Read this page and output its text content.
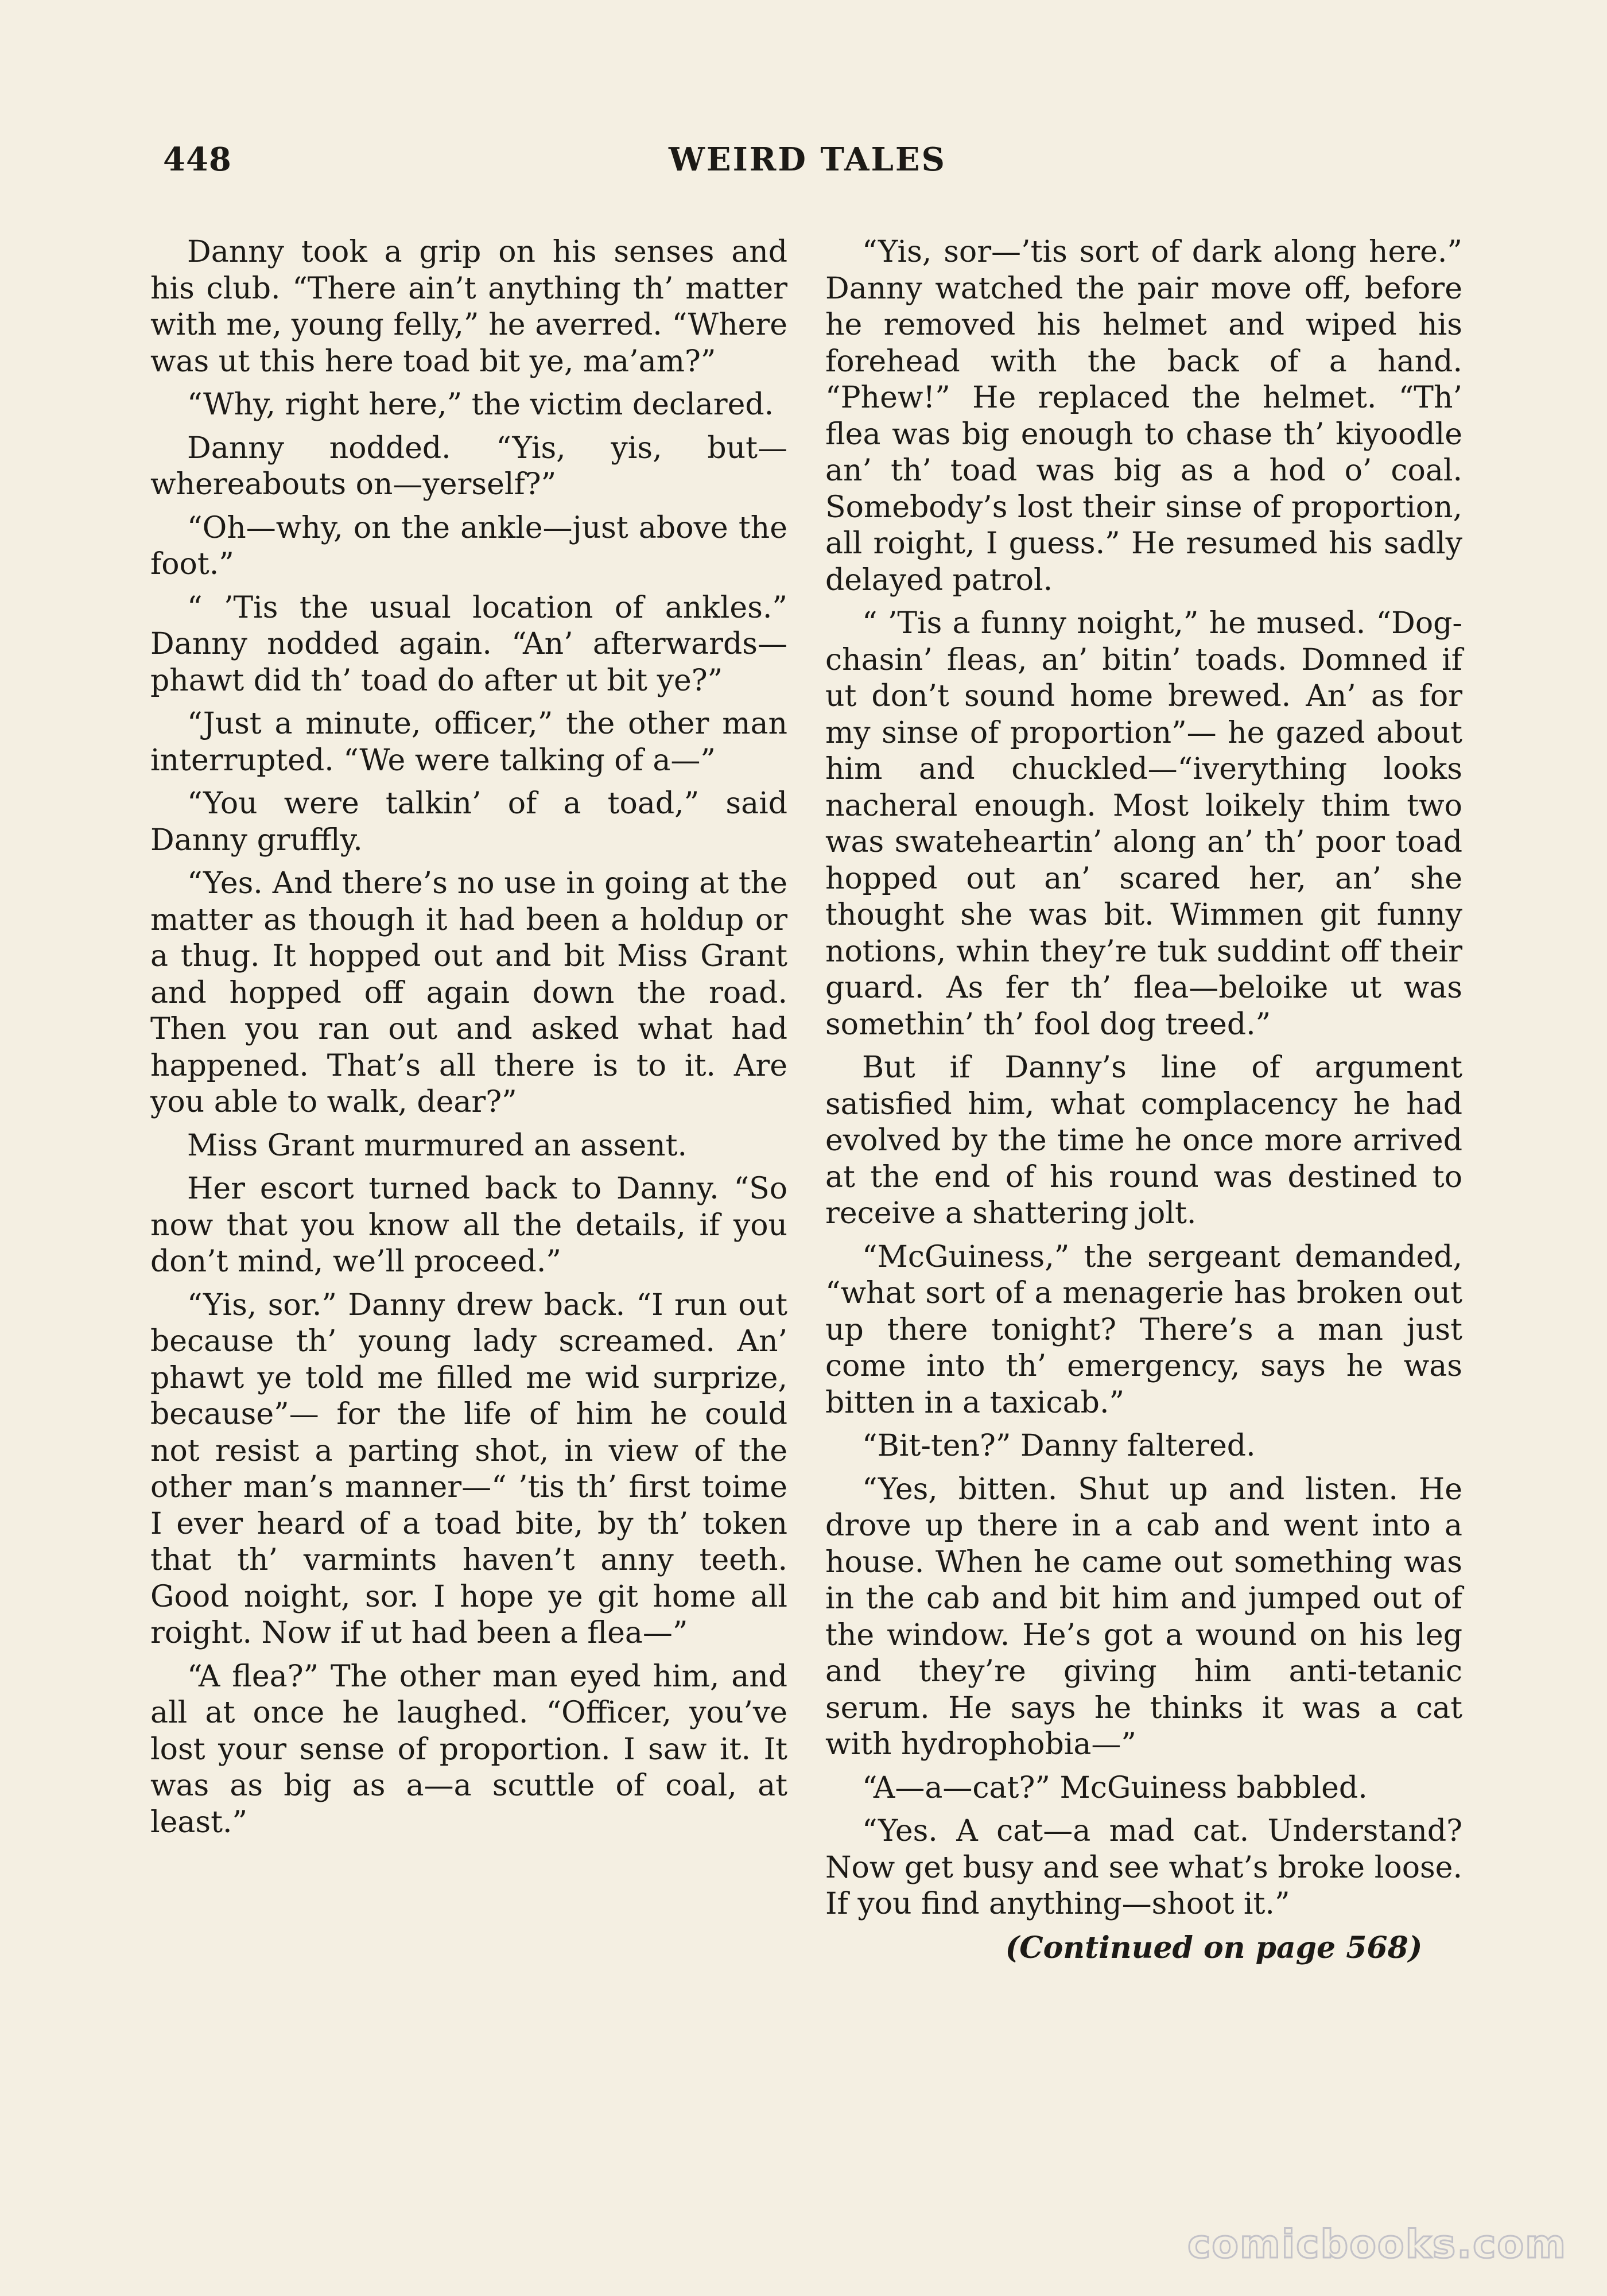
448	WEIRD TALES

Danny took a grip on his senses and his club. “There ain’t anything th’ matter with me, young felly,” he averred. “Where was ut this here toad bit ye, ma’am?”

“Why, right here,” the victim declared.

Danny nodded. “Yis, yis, but—whereabouts on—yerself?”

“Oh—why, on the ankle—just above the foot.”

“ ’Tis the usual location of ankles.” Danny nodded again. “An’ afterwards—phawt did th’ toad do after ut bit ye?”

“Just a minute, officer,” the other man interrupted. “We were talking of a—”

“You were talkin’ of a toad,” said Danny gruffly.

“Yes. And there’s no use in going at the matter as though it had been a holdup or a thug. It hopped out and bit Miss Grant and hopped off again down the road. Then you ran out and asked what had happened. That’s all there is to it. Are you able to walk, dear?”

Miss Grant murmured an assent.

Her escort turned back to Danny. “So now that you know all the details, if you don’t mind, we’ll proceed.”

“Yis, sor.” Danny drew back. “I run out because th’ young lady screamed. An’ phawt ye told me filled me wid surprize, because”— for the life of him he could not resist a parting shot, in view of the other man’s manner—“ ’tis th’ first toime I ever heard of a toad bite, by th’ token that th’ varmints haven’t anny teeth. Good noight, sor. I hope ye git home all roight. Now if ut had been a flea—”

“A flea?” The other man eyed him, and all at once he laughed. “Officer, you’ve lost your sense of proportion. I saw it. It was as big as a—a scuttle of coal, at least.”

“Yis, sor—’tis sort of dark along here.” Danny watched the pair move off, before he removed his helmet and wiped his forehead with the back of a hand. “Phew!” He replaced the helmet. “Th’ flea was big enough to chase th’ kiyoodle an’ th’ toad was big as a hod o’ coal. Somebody’s lost their sinse of proportion, all roight, I guess.” He resumed his sadly delayed patrol.

“ ’Tis a funny noight,” he mused. “Dog-chasin’ fleas, an’ bitin’ toads. Domned if ut don’t sound home brewed. An’ as for my sinse of proportion”— he gazed about him and chuckled—“iverything looks nacheral enough. Most loikely thim two was swateheartin’ along an’ th’ poor toad hopped out an’ scared her, an’ she thought she was bit. Wimmen git funny notions, whin they’re tuk suddint off their guard. As fer th’ flea—beloike ut was somethin’ th’ fool dog treed.”

But if Danny’s line of argument satisfied him, what complacency he had evolved by the time he once more arrived at the end of his round was destined to receive a shattering jolt.

“McGuiness,” the sergeant demanded, “what sort of a menagerie has broken out up there tonight? There’s a man just come into th’ emergency, says he was bitten in a taxicab.”

“Bit-ten?” Danny faltered.

“Yes, bitten. Shut up and listen. He drove up there in a cab and went into a house. When he came out something was in the cab and bit him and jumped out of the window. He’s got a wound on his leg and they’re giving him anti-tetanic serum. He says he thinks it was a cat with hydrophobia—”

“A—a—cat?” McGuiness babbled.

“Yes. A cat—a mad cat. Understand? Now get busy and see what’s broke loose. If you find anything—shoot it.”

(Continued on page 568)

comicbooks.com
